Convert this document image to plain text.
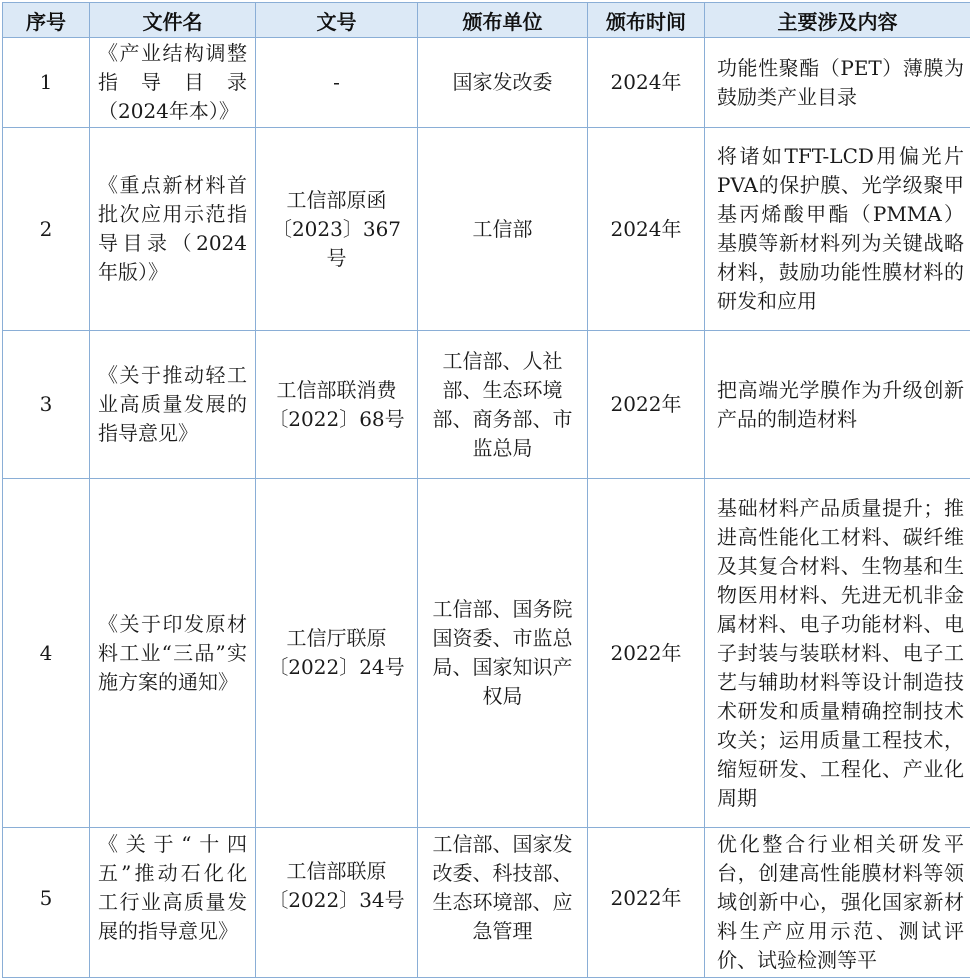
序号	文件名	文号	颁布单位	颁布时间	主要涉及内容

1	《产业结构调整指导目录（2024年本）》	-	国家发改委	2024年	功能性聚酯（PET）薄膜为鼓励类产业目录

2	《重点新材料首批次应用示范指导目录（2024年版）》	工信部原函〔2023〕367号	工信部	2024年	将诸如TFT-LCD用偏光片PVA的保护膜、光学级聚甲基丙烯酸甲酯（PMMA）基膜等新材料列为关键战略材料，鼓励功能性膜材料的研发和应用

3	《关于推动轻工业高质量发展的指导意见》	工信部联消费〔2022〕68号	工信部、人社部、生态环境部、商务部、市监总局	2022年	把高端光学膜作为升级创新产品的制造材料

4	《关于印发原材料工业“三品”实施方案的通知》	工信厅联原〔2022〕24号	工信部、国务院国资委、市监总局、国家知识产权局	2022年	基础材料产品质量提升；推进高性能化工材料、碳纤维及其复合材料、生物基和生物医用材料、先进无机非金属材料、电子功能材料、电子封装与装联材料、电子工艺与辅助材料等设计制造技术研发和质量精确控制技术攻关；运用质量工程技术，缩短研发、工程化、产业化周期

5	《关于“十四五”推动石化化工行业高质量发展的指导意见》	工信部联原〔2022〕34号	工信部、国家发改委、科技部、生态环境部、应急管理	2022年	优化整合行业相关研发平台，创建高性能膜材料等领域创新中心，强化国家新材料生产应用示范、测试评价、试验检测等平
